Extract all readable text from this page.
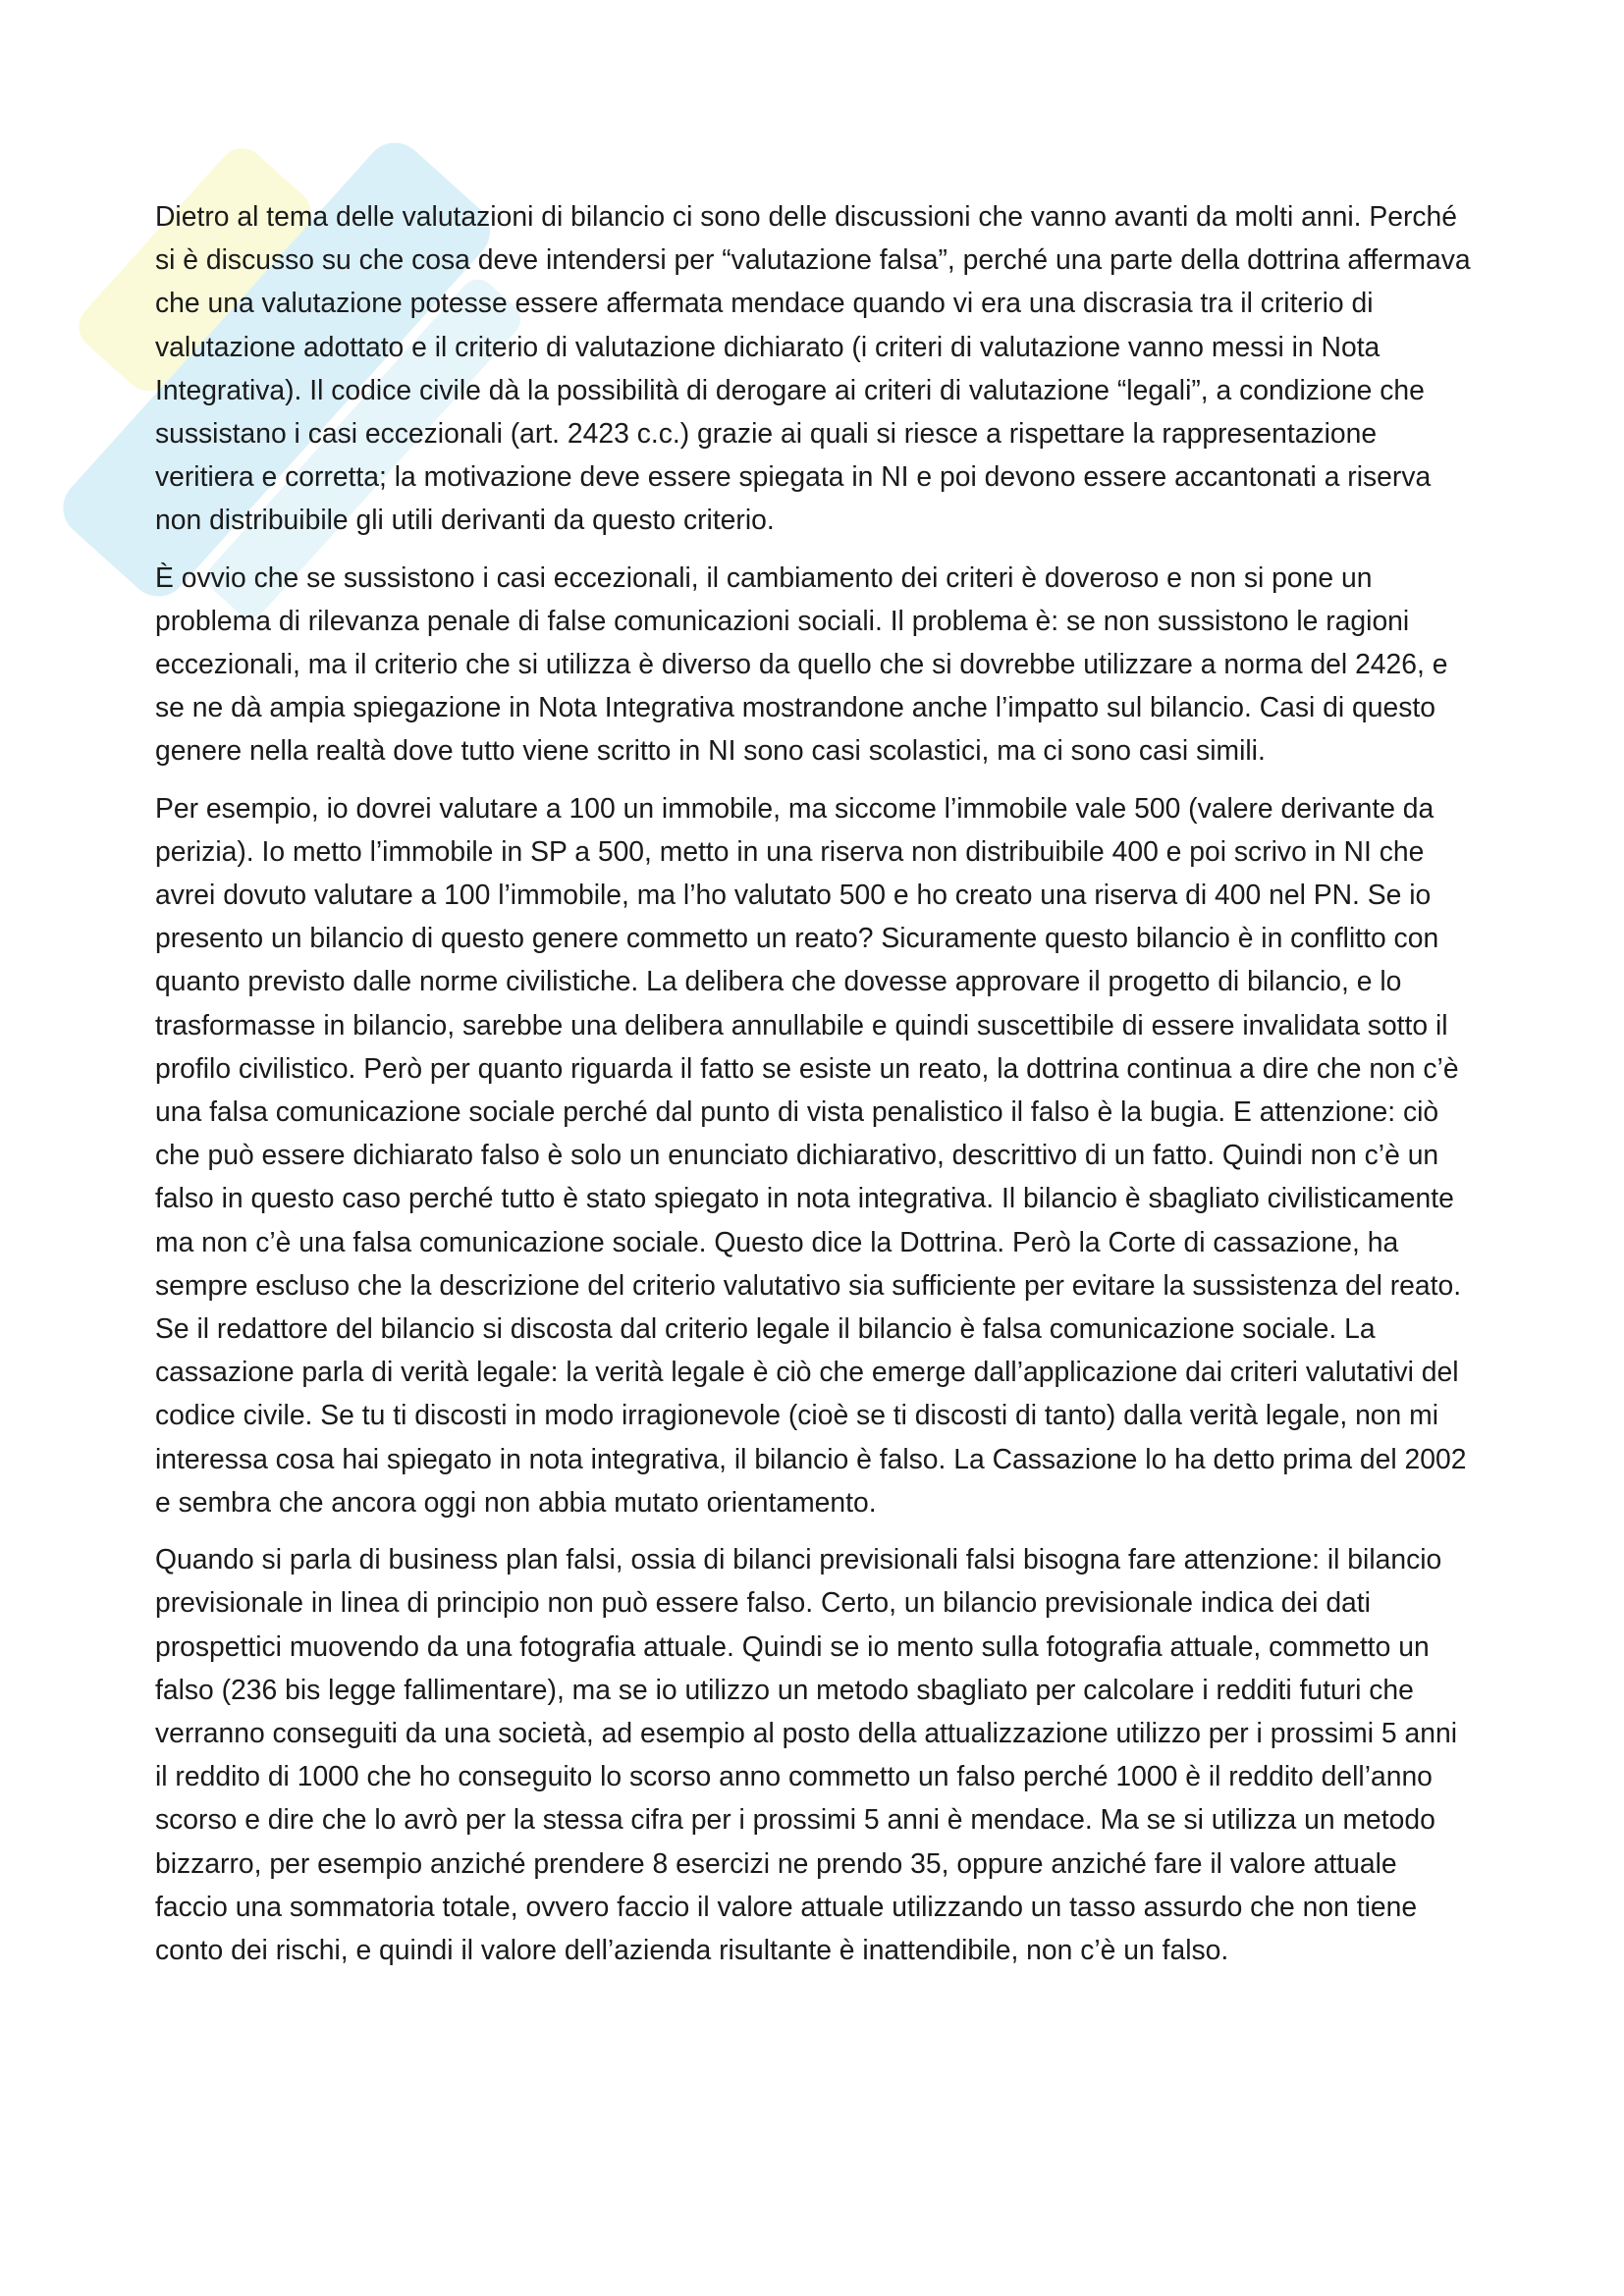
Dietro al tema delle valutazioni di bilancio ci sono delle discussioni che vanno avanti da molti anni. Perché si è discusso su che cosa deve intendersi per “valutazione falsa”, perché una parte della dottrina affermava che una valutazione potesse essere affermata mendace quando vi era una discrasia tra il criterio di valutazione adottato e il criterio di valutazione dichiarato (i criteri di valutazione vanno messi in Nota Integrativa). Il codice civile dà la possibilità di derogare ai criteri di valutazione “legali”, a condizione che sussistano i casi eccezionali (art. 2423 c.c.) grazie ai quali si riesce a rispettare la rappresentazione veritiera e corretta; la motivazione deve essere spiegata in NI e poi devono essere accantonati a riserva non distribuibile gli utili derivanti da questo criterio.

È ovvio che se sussistono i casi eccezionali, il cambiamento dei criteri è doveroso e non si pone un problema di rilevanza penale di false comunicazioni sociali. Il problema è: se non sussistono le ragioni eccezionali, ma il criterio che si utilizza è diverso da quello che si dovrebbe utilizzare a norma del 2426, e se ne dà ampia spiegazione in Nota Integrativa mostrandone anche l’impatto sul bilancio. Casi di questo genere nella realtà dove tutto viene scritto in NI sono casi scolastici, ma ci sono casi simili.

Per esempio, io dovrei valutare a 100 un immobile, ma siccome l’immobile vale 500 (valere derivante da perizia). Io metto l’immobile in SP a 500, metto in una riserva non distribuibile 400 e poi scrivo in NI che avrei dovuto valutare a 100 l’immobile, ma l’ho valutato 500 e ho creato una riserva di 400 nel PN. Se io presento un bilancio di questo genere commetto un reato? Sicuramente questo bilancio è in conflitto con quanto previsto dalle norme civilistiche. La delibera che dovesse approvare il progetto di bilancio, e lo trasformasse in bilancio, sarebbe una delibera annullabile e quindi suscettibile di essere invalidata sotto il profilo civilistico. Però per quanto riguarda il fatto se esiste un reato, la dottrina continua a dire che non c’è una falsa comunicazione sociale perché dal punto di vista penalistico il falso è la bugia. E attenzione: ciò che può essere dichiarato falso è solo un enunciato dichiarativo, descrittivo di un fatto. Quindi non c’è un falso in questo caso perché tutto è stato spiegato in nota integrativa. Il bilancio è sbagliato civilisticamente ma non c’è una falsa comunicazione sociale. Questo dice la Dottrina. Però la Corte di cassazione, ha sempre escluso che la descrizione del criterio valutativo sia sufficiente per evitare la sussistenza del reato. Se il redattore del bilancio si discosta dal criterio legale il bilancio è falsa comunicazione sociale. La cassazione parla di verità legale: la verità legale è ciò che emerge dall’applicazione dai criteri valutativi del codice civile. Se tu ti discosti in modo irragionevole (cioè se ti discosti di tanto) dalla verità legale, non mi interessa cosa hai spiegato in nota integrativa, il bilancio è falso. La Cassazione lo ha detto prima del 2002 e sembra che ancora oggi non abbia mutato orientamento.

Quando si parla di business plan falsi, ossia di bilanci previsionali falsi bisogna fare attenzione: il bilancio previsionale in linea di principio non può essere falso. Certo, un bilancio previsionale indica dei dati prospettici muovendo da una fotografia attuale. Quindi se io mento sulla fotografia attuale, commetto un falso (236 bis legge fallimentare), ma se io utilizzo un metodo sbagliato per calcolare i redditi futuri che verranno conseguiti da una società, ad esempio al posto della attualizzazione utilizzo per i prossimi 5 anni il reddito di 1000 che ho conseguito lo scorso anno commetto un falso perché 1000 è il reddito dell’anno scorso e dire che lo avrò per la stessa cifra per i prossimi 5 anni è mendace. Ma se si utilizza un metodo bizzarro, per esempio anziché prendere 8 esercizi ne prendo 35, oppure anziché fare il valore attuale faccio una sommatoria totale, ovvero faccio il valore attuale utilizzando un tasso assurdo che non tiene conto dei rischi, e quindi il valore dell’azienda risultante è inattendibile, non c’è un falso.
